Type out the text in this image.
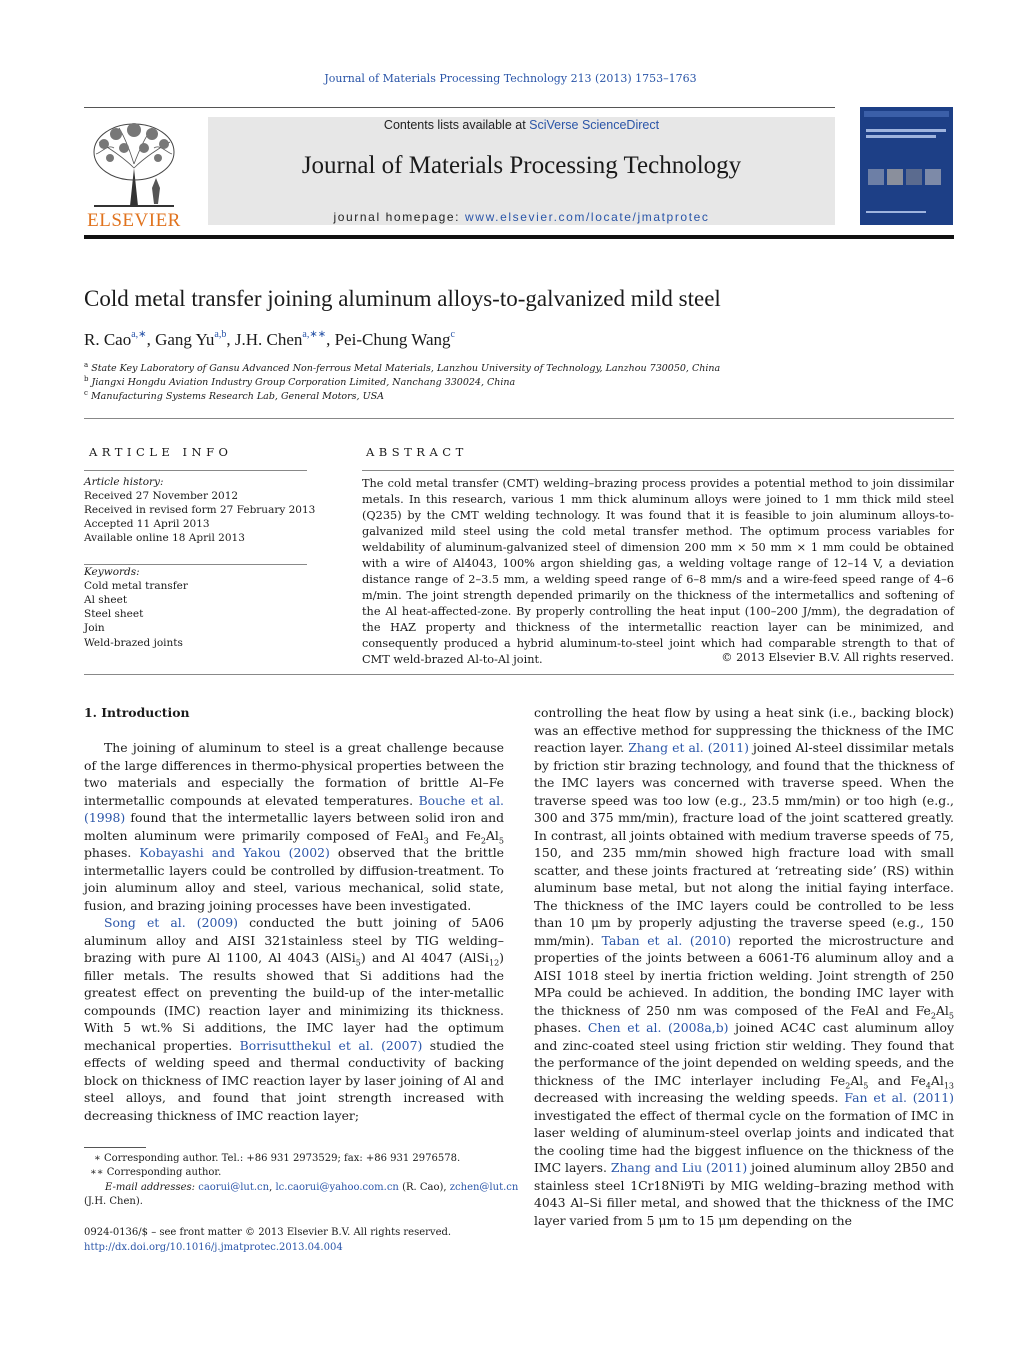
Journal of Materials Processing Technology 213 (2013) 1753–1763
ELSEVIER
Contents lists available at SciVerse ScienceDirect
Journal of Materials Processing Technology
journal homepage: www.elsevier.com/locate/jmatprotec
Cold metal transfer joining aluminum alloys-to-galvanized mild steel
R. Cao$^{a,∗}$, Gang Yu$^{a,b}$, J.H. Chen$^{a,∗∗}$, Pei-Chung Wang$^c$
$^a$ State Key Laboratory of Gansu Advanced Non-ferrous Metal Materials, Lanzhou University of Technology, Lanzhou 730050, China
$^b$ Jiangxi Hongdu Aviation Industry Group Corporation Limited, Nanchang 330024, China
$^c$ Manufacturing Systems Research Lab, General Motors, USA
ARTICLE INFO
Article history:
Received 27 November 2012
Received in revised form 27 February 2013
Accepted 11 April 2013
Available online 18 April 2013
Keywords:
Cold metal transfer
Al sheet
Steel sheet
Join
Weld-brazed joints
ABSTRACT
The cold metal transfer (CMT) welding–brazing process provides a potential method to join dissimilar metals. In this research, various 1 mm thick aluminum alloys were joined to 1 mm thick mild steel (Q235) by the CMT welding technology. It was found that it is feasible to join aluminum alloys-to-galvanized mild steel using the cold metal transfer method. The optimum process variables for weldability of aluminum-galvanized steel of dimension 200 mm × 50 mm × 1 mm could be obtained with a wire of Al4043, 100% argon shielding gas, a welding voltage range of 12–14 V, a deviation distance range of 2–3.5 mm, a welding speed range of 6–8 mm/s and a wire-feed speed range of 4–6 m/min. The joint strength depended primarily on the thickness of the intermetallics and softening of the Al heat-affected-zone. By properly controlling the heat input (100–200 J/mm), the degradation of the HAZ property and thickness of the intermetallic reaction layer can be minimized, and consequently produced a hybrid aluminum-to-steel joint which had comparable strength to that of CMT weld-brazed Al-to-Al joint.	© 2013 Elsevier B.V. All rights reserved.
1. Introduction

The joining of aluminum to steel is a great challenge because of the large differences in thermo-physical properties between the two materials and especially the formation of brittle Al–Fe intermetallic compounds at elevated temperatures. Bouche et al. (1998) found that the intermetallic layers between solid iron and molten aluminum were primarily composed of FeAl$_3$ and $Fe_2Al_5$ phases. Kobayashi and Yakou (2002) observed that the brittle intermetallic layers could be controlled by diffusion-treatment. To join aluminum alloy and steel, various mechanical, solid state, fusion, and brazing joining processes have been investigated.

Song et al. (2009) conducted the butt joining of 5A06 aluminum alloy and AISI 321stainless steel by TIG welding–brazing with pure Al 1100, Al 4043 (AlSi$_5$) and Al 4047 (AlSi$_{12}$) filler metals. The results showed that Si additions had the greatest effect on preventing the build-up of the inter-metallic compounds (IMC) reaction layer and minimizing its thickness. With 5 wt.% Si additions, the IMC layer had the optimum mechanical properties. Borrisutthekul et al. (2007) studied the effects of welding speed and thermal conductivity of backing block on thickness of IMC reaction layer by laser joining of Al and steel alloys, and found that joint strength increased with decreasing thickness of IMC reaction layer;

controlling the heat flow by using a heat sink (i.e., backing block) was an effective method for suppressing the thickness of the IMC reaction layer. Zhang et al. (2011) joined Al-steel dissimilar metals by friction stir brazing technology, and found that the thickness of the IMC layers was concerned with traverse speed. When the traverse speed was too low (e.g., 23.5 mm/min) or too high (e.g., 300 and 375 mm/min), fracture load of the joint scattered greatly. In contrast, all joints obtained with medium traverse speeds of 75, 150, and 235 mm/min showed high fracture load with small scatter, and these joints fractured at ‘retreating side’ (RS) within aluminum base metal, but not along the initial faying interface. The thickness of the IMC layers could be controlled to be less than 10 μm by properly adjusting the traverse speed (e.g., 150 mm/min). Taban et al. (2010) reported the microstructure and properties of the joints between a 6061-T6 aluminum alloy and a AISI 1018 steel by inertia friction welding. Joint strength of 250 MPa could be achieved. In addition, the bonding IMC layer with the thickness of 250 nm was composed of the FeAl and $Fe_2Al_5$ phases. Chen et al. (2008a,b) joined AC4C cast aluminum alloy and zinc-coated steel using friction stir welding. They found that the performance of the joint depended on welding speeds, and the thickness of the IMC interlayer including $Fe_2Al_5$ and $Fe_4Al_{13}$ decreased with increasing the welding speeds. Fan et al. (2011) investigated the effect of thermal cycle on the formation of IMC in laser welding of aluminum-steel overlap joints and indicated that the cooling time had the biggest influence on the thickness of the IMC layers. Zhang and Liu (2011) joined aluminum alloy 2B50 and stainless steel 1Cr18Ni9Ti by MIG welding–brazing method with 4043 Al–Si filler metal, and showed that the thickness of the IMC layer varied from 5 μm to 15 μm depending on the

∗ Corresponding author. Tel.: +86 931 2973529; fax: +86 931 2976578.
∗∗ Corresponding author.
E-mail addresses: caorui@lut.cn, lc.caorui@yahoo.com.cn (R. Cao), zchen@lut.cn
(J.H. Chen).
0924-0136/$ – see front matter © 2013 Elsevier B.V. All rights reserved.
http://dx.doi.org/10.1016/j.jmatprotec.2013.04.004
